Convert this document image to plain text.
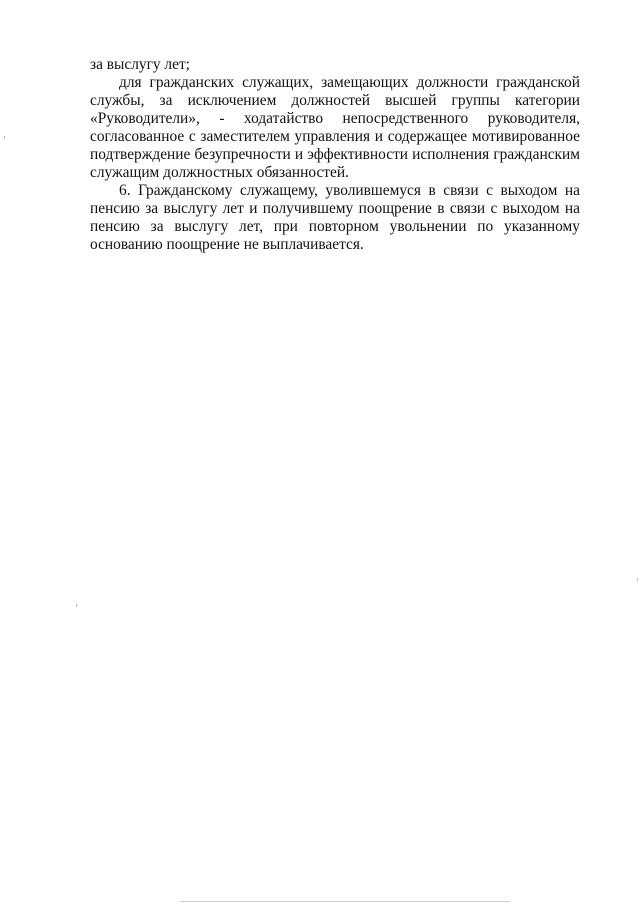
за выслугу лет;

для гражданских служащих, замещающих должности гражданской службы, за исключением должностей высшей группы категории «Руководители», - ходатайство непосредственного руководителя, согласованное с заместителем управления и содержащее мотивированное подтверждение безупречности и эффективности исполнения гражданским служащим должностных обязанностей.

6. Гражданскому служащему, уволившемуся в связи с выходом на пенсию за выслугу лет и получившему поощрение в связи с выходом на пенсию за выслугу лет, при повторном увольнении по указанному основанию поощрение не выплачивается.
